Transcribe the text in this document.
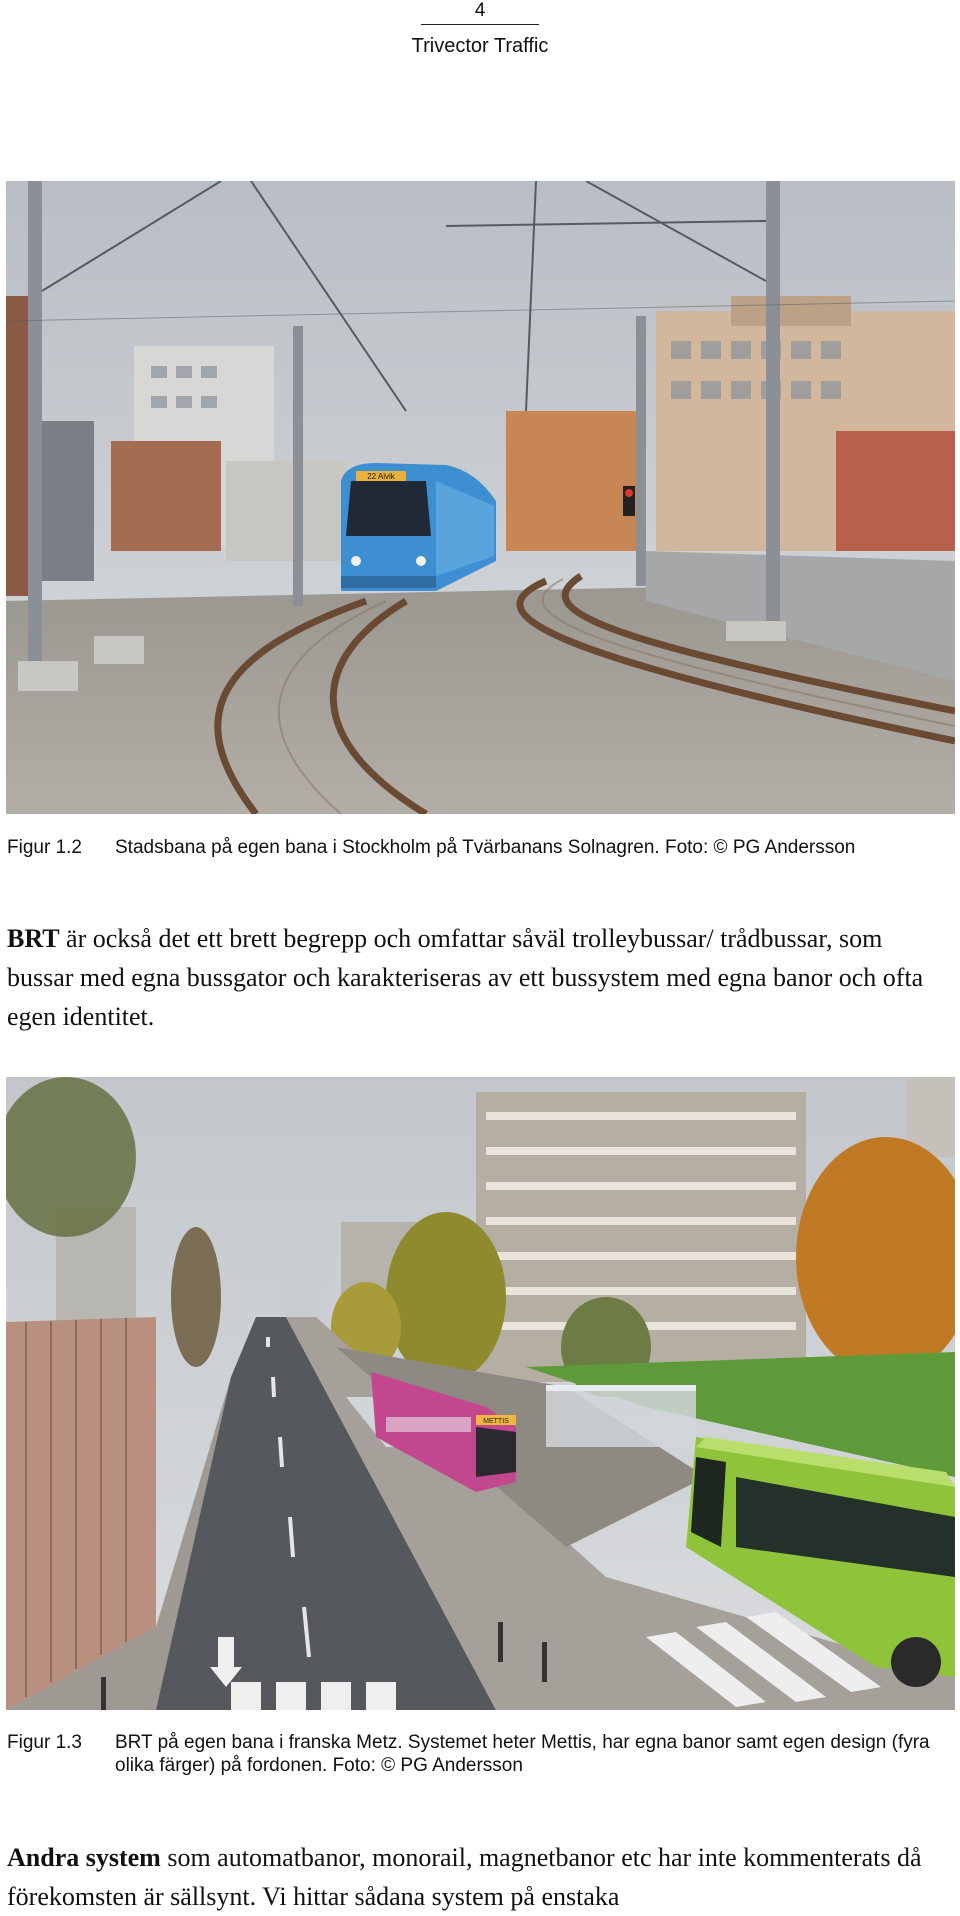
4
Trivector Traffic
22 Alvik
Figur 1.2 Stadsbana på egen bana i Stockholm på Tvärbanans Solnagren. Foto: © PG Andersson
BRT är också det ett brett begrepp och omfattar såväl trolleybussar/ trådbussar, som bussar med egna bussgator och karakteriseras av ett bussystem med egna banor och ofta egen identitet.
METTIS
Figur 1.3 BRT på egen bana i franska Metz. Systemet heter Mettis, har egna banor samt egen design (fyra olika färger) på fordonen. Foto: © PG Andersson
Andra system som automatbanor, monorail, magnetbanor etc har inte kommenterats då förekomsten är sällsynt. Vi hittar sådana system på enstaka
